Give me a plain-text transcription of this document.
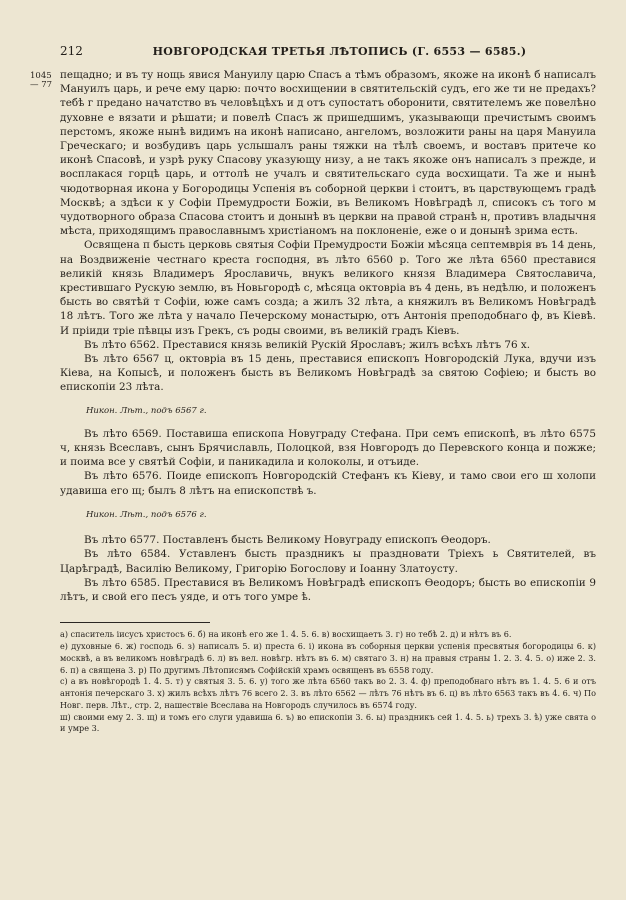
212	НОВГОРОДСКАЯ ТРЕТЬЯ ЛѢТОПИСЬ (Г. 6553 — 6585.)
1045
— 77

пещадно; и въ ту нощь явися Мануилу царю Спасъ а тѣмъ образомъ, якоже на иконѣ б написалъ Мануилъ царь, и рече ему царю: почто восхищении в святительскiй судъ, его же ти не предахъ? тебѣ г предано начатство въ человѣцѣхъ и д отъ супостатъ оборонити, святителемъ же повелѣно духовне е вязати и рѣшати; и повелѣ Спасъ ж пришедшимъ, указывающи пречистымъ своимъ перстомъ, якоже нынѣ видимъ на иконѣ написано, ангеломъ, возложити раны на царя Мануила Греческаго; и возбудивъ царь услышалъ раны тяжки на тѣлѣ своемъ, и воставъ притече ко иконѣ Спасовѣ, и узрѣ руку Спасову указующу низу, а не такъ якоже онъ написалъ з прежде, и восплакася горцѣ царь, и оттолѣ не учалъ и святительскаго суда восхищати. Та же и нынѣ чюдотворная икона у Богородицы Успенiя въ соборной церкви i стоитъ, въ царствующемъ градѣ Москвѣ; а здѣси к у Софiи Премудрости Божiи, въ Великомъ Новѣградѣ л, списокъ съ того м чудотворного образа Спасова стоитъ и донынѣ въ церкви на правой странѣ н, противъ владычня мѣста, приходящимъ православнымъ христiаномъ на поклоненiе, еже о и донынѣ зрима есть.

Освящена п бысть церковь святыя Софiи Премудрости Божiи мѣсяца септемврiя въ 14 день, на Воздвиженiе честнаго креста господня, въ лѣто 6560 р. Того же лѣта 6560 преставися великiй князь Владимеръ Ярославичь, внукъ великого князя Владимера Святославича, крестившаго Рускую землю, въ Новьгородѣ с, мѣсяца октовріа въ 4 день, въ недѣлю, и положенъ бысть во святѣй т Софiи, юже самъ созда; а жилъ 32 лѣта, а княжилъ въ Великомъ Новѣградѣ 18 лѣтъ. Того же лѣта у начало Печерскому монастырю, отъ Антонiя преподобнаго ф, въ Кiевѣ. И прiиди трiе пѣвцы изъ Грекъ, съ роды своими, въ великiй градъ Кiевъ.

Въ лѣто 6562. Преставися князь великiй Рускiй Ярославъ; жилъ всѣхъ лѣтъ 76 х.

Въ лѣто 6567 ц, октовріа въ 15 день, преставися епископъ Новгородскiй Лука, вдучи изъ Кiева, на Копысѣ, и положенъ бысть въ Великомъ Новѣградѣ за святою Софiею; и бысть во епископiи 23 лѣта.

Никон. Лѣт., подъ 6567 г.

Въ лѣто 6569. Поставиша епископа Новуграду Стефана. При семъ епископѣ, въ лѣто 6575 ч, князь Всеславъ, сынъ Брячиславль, Полоцкой, взя Новгородъ до Перевского конца и пожже; и поима все у святѣй Софiи, и паникадила и колоколы, и отъиде.

Въ лѣто 6576. Поиде епископъ Новгородскiй Стефанъ къ Кiеву, и тамо свои его ш холопи удавиша его щ; былъ 8 лѣтъ на епископствѣ ъ.

Никон. Лѣт., подъ 6576 г.

Въ лѣто 6577. Поставленъ бысть Великому Новуграду епископъ Ѳеодоръ.

Въ лѣто 6584. Уставленъ бысть праздникъ ы праздновати Трiехъ ь Святителей, въ Царѣградѣ, Василiю Великому, Григорiю Богослову и Iоанну Златоусту.

Въ лѣто 6585. Преставися въ Великомъ Новѣградѣ епископъ Ѳеодоръ; бысть во епископiи 9 лѣтъ, и свой его песъ уяде, и отъ того умре ѣ.

а) спаситель іисусъ христосъ 6. б) на иконѣ его же 1. 4. 5. 6. в) восхищаетъ 3. г) но тебѣ 2. д) и нѣтъ въ 6.

е) духовные 6. ж) господь 6. з) написалъ 5. и) преста 6. i) икона въ соборныя церкви успенія пресвятыя богородицы 6. к) москвѣ, а въ великомъ новѣградѣ 6. л) въ вел. новѣгр. нѣтъ въ 6. м) святаго 3. н) на правыя страны 1. 2. 3. 4. 5. о) иже 2. 3. 6. п) а священа 3. р) По другимъ Лѣтописямъ Софійскій храмъ освященъ въ 6558 году.

с) а въ новѣгородѣ 1. 4. 5. т) у святыя 3. 5. 6. у) того же лѣта 6560 такъ во 2. 3. 4. ф) преподобнаго нѣтъ въ 1. 4. 5. 6 и отъ антонія печерскаго 3. х) жилъ всѣхъ лѣтъ 76 всего 2. 3. въ лѣто 6562 — лѣтъ 76 нѣтъ въ 6. ц) въ лѣто 6563 такъ въ 4. 6. ч) По Новг. перв. Лѣт., стр. 2, нашествіе Всеслава на Новгородъ случилось въ 6574 году.

ш) своими ему 2. 3. щ) и томъ его слуги удавиша 6. ъ) во епископіи 3. 6. ы) праздникъ сей 1. 4. 5. ь) трехъ 3. ѣ) уже свята о и умре 3.
